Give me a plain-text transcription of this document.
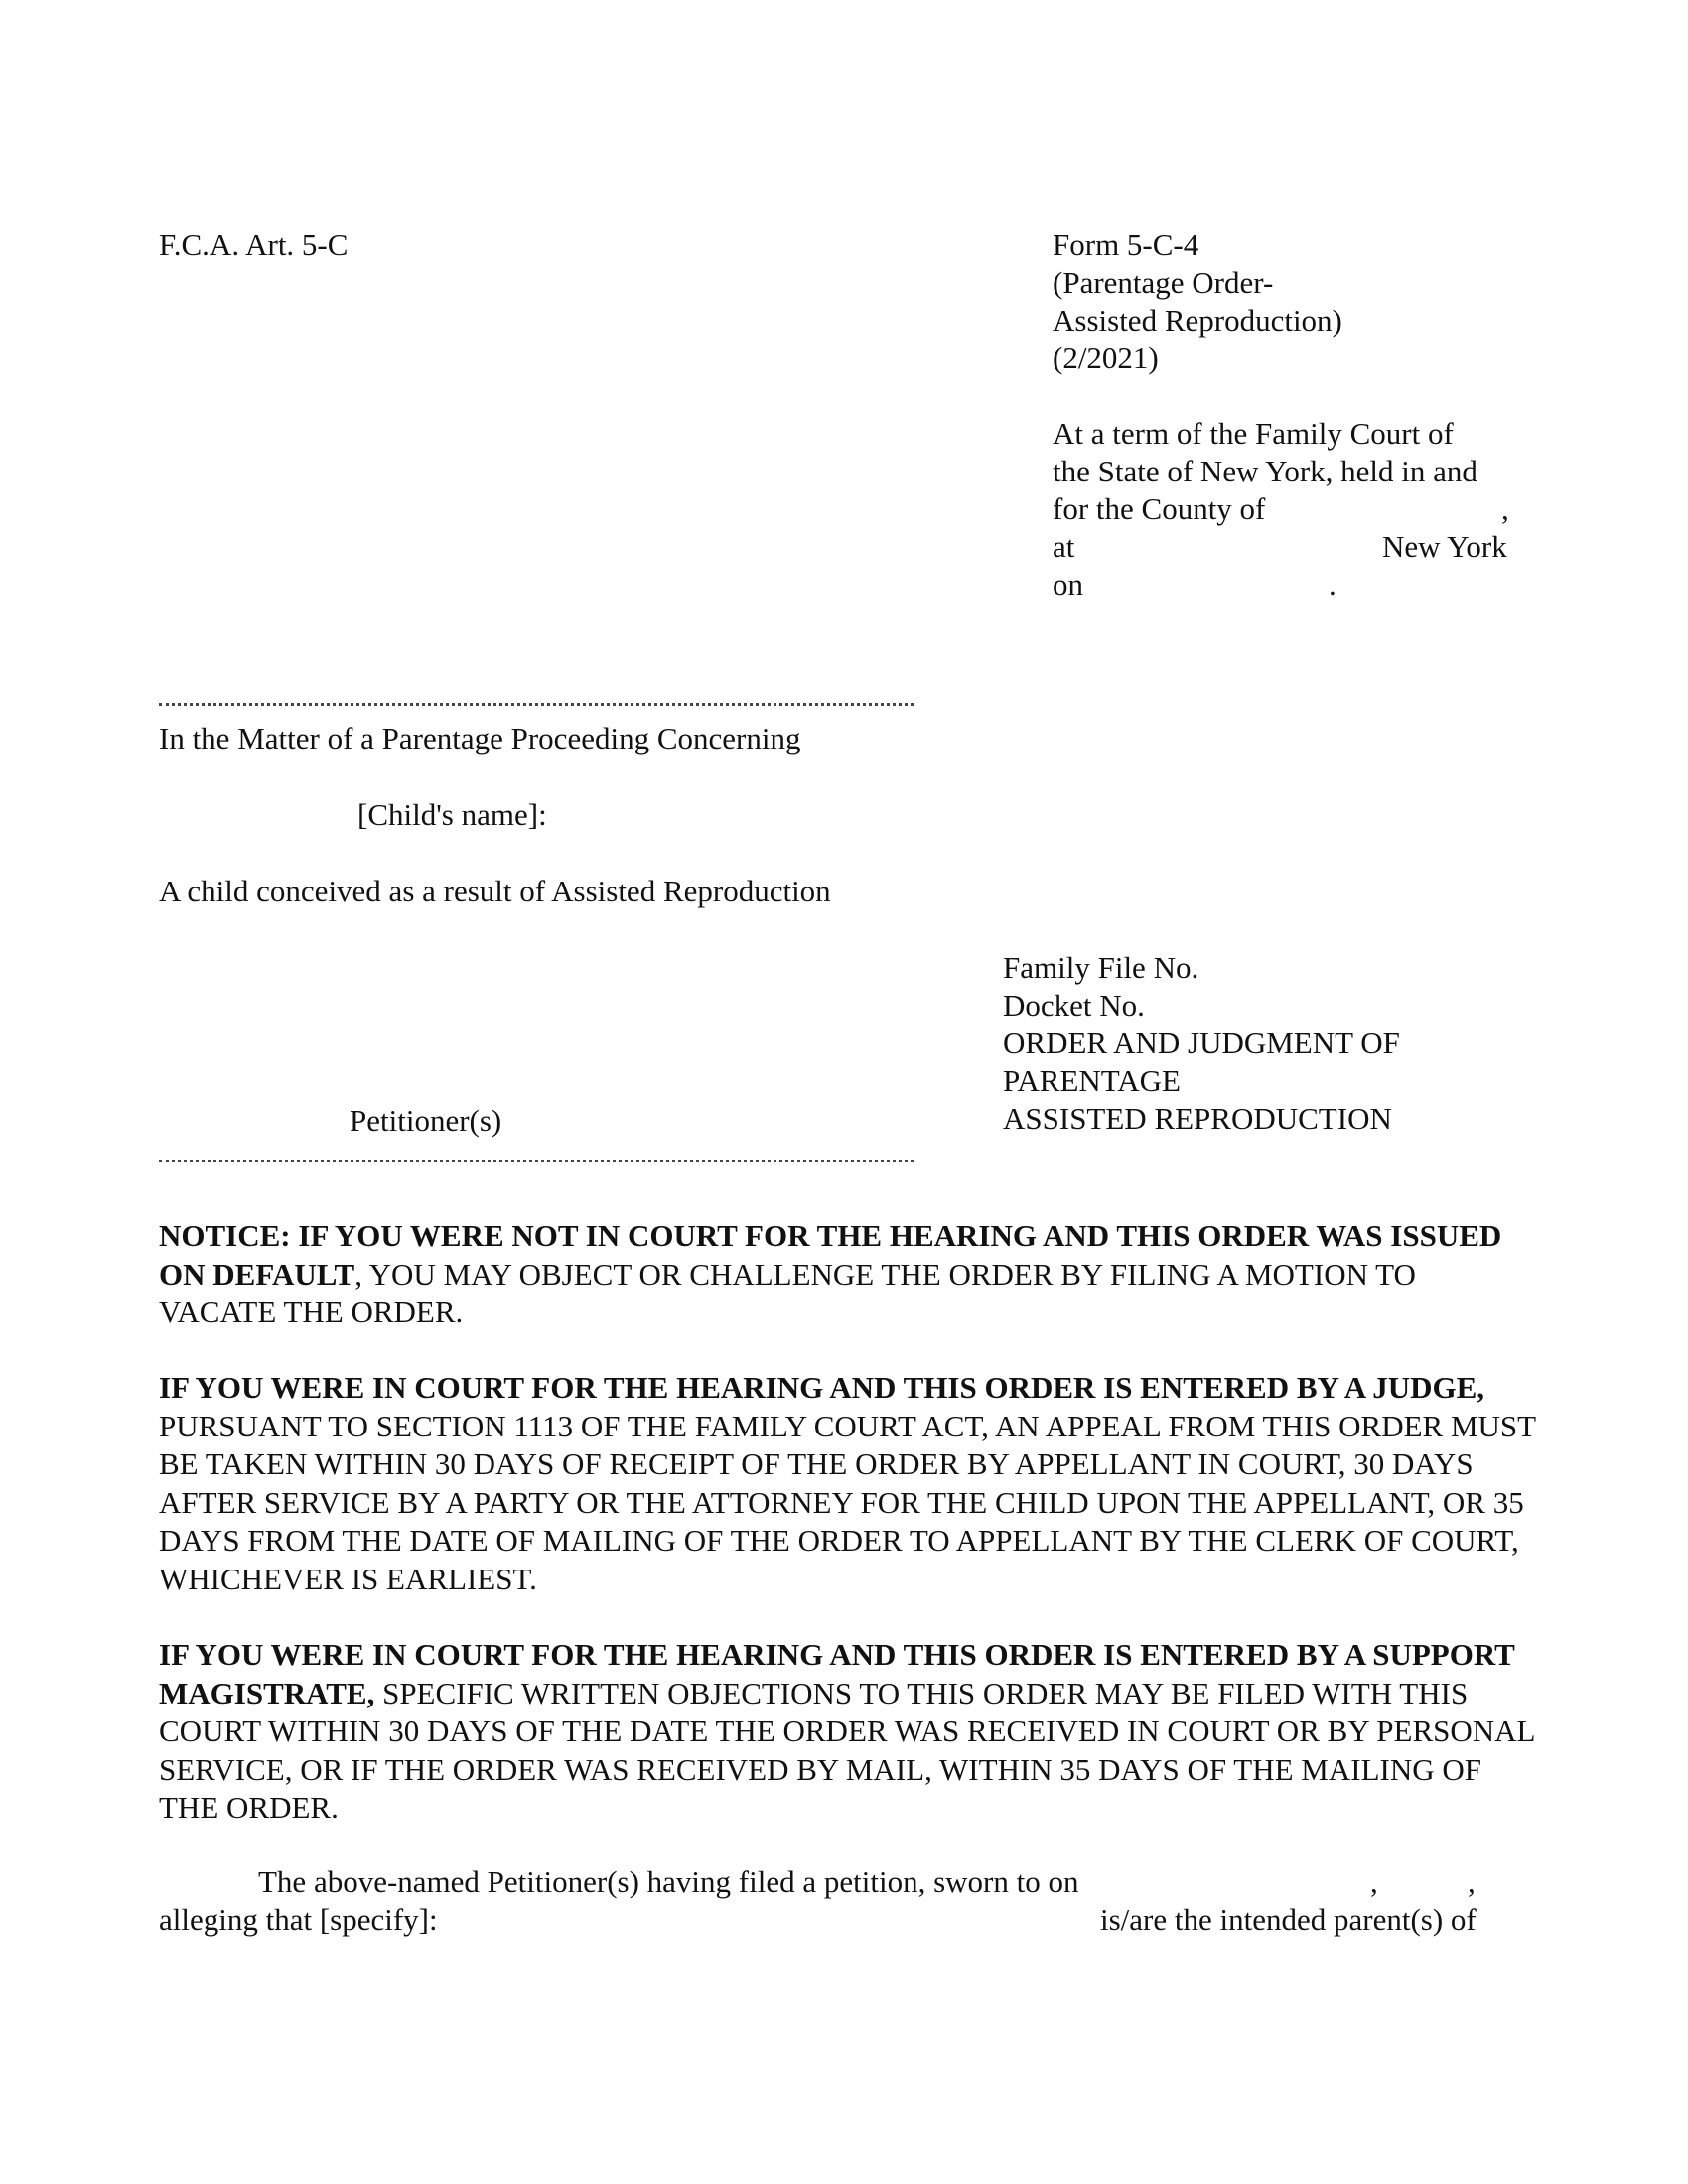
F.C.A. Art. 5-C	Form 5-C-4
(Parentage Order-
Assisted Reproduction)
(2/2021)
At a term of the Family Court of
the State of New York, held in and
for the County of	,
at	New York
on	.
In the Matter of a Parentage Proceeding Concerning
[Child's name]:
A child conceived as a result of Assisted Reproduction
Family File No.
Docket No.
ORDER AND JUDGMENT OF
PARENTAGE
ASSISTED REPRODUCTION
Petitioner(s)
NOTICE: IF YOU WERE NOT IN COURT FOR THE HEARING AND THIS ORDER WAS ISSUED ON DEFAULT, YOU MAY OBJECT OR CHALLENGE THE ORDER BY FILING A MOTION TO VACATE THE ORDER.
IF YOU WERE IN COURT FOR THE HEARING AND THIS ORDER IS ENTERED BY A JUDGE, PURSUANT TO SECTION 1113 OF THE FAMILY COURT ACT, AN APPEAL FROM THIS ORDER MUST BE TAKEN WITHIN 30 DAYS OF RECEIPT OF THE ORDER BY APPELLANT IN COURT, 30 DAYS AFTER SERVICE BY A PARTY OR THE ATTORNEY FOR THE CHILD UPON THE APPELLANT, OR 35 DAYS FROM THE DATE OF MAILING OF THE ORDER TO APPELLANT BY THE CLERK OF COURT, WHICHEVER IS EARLIEST.
IF YOU WERE IN COURT FOR THE HEARING AND THIS ORDER IS ENTERED BY A SUPPORT MAGISTRATE, SPECIFIC WRITTEN OBJECTIONS TO THIS ORDER MAY BE FILED WITH THIS COURT WITHIN 30 DAYS OF THE DATE THE ORDER WAS RECEIVED IN COURT OR BY PERSONAL SERVICE, OR IF THE ORDER WAS RECEIVED BY MAIL, WITHIN 35 DAYS OF THE MAILING OF THE ORDER.
The above-named Petitioner(s) having filed a petition, sworn to on	,	,
alleging that [specify]:	is/are the intended parent(s) of
